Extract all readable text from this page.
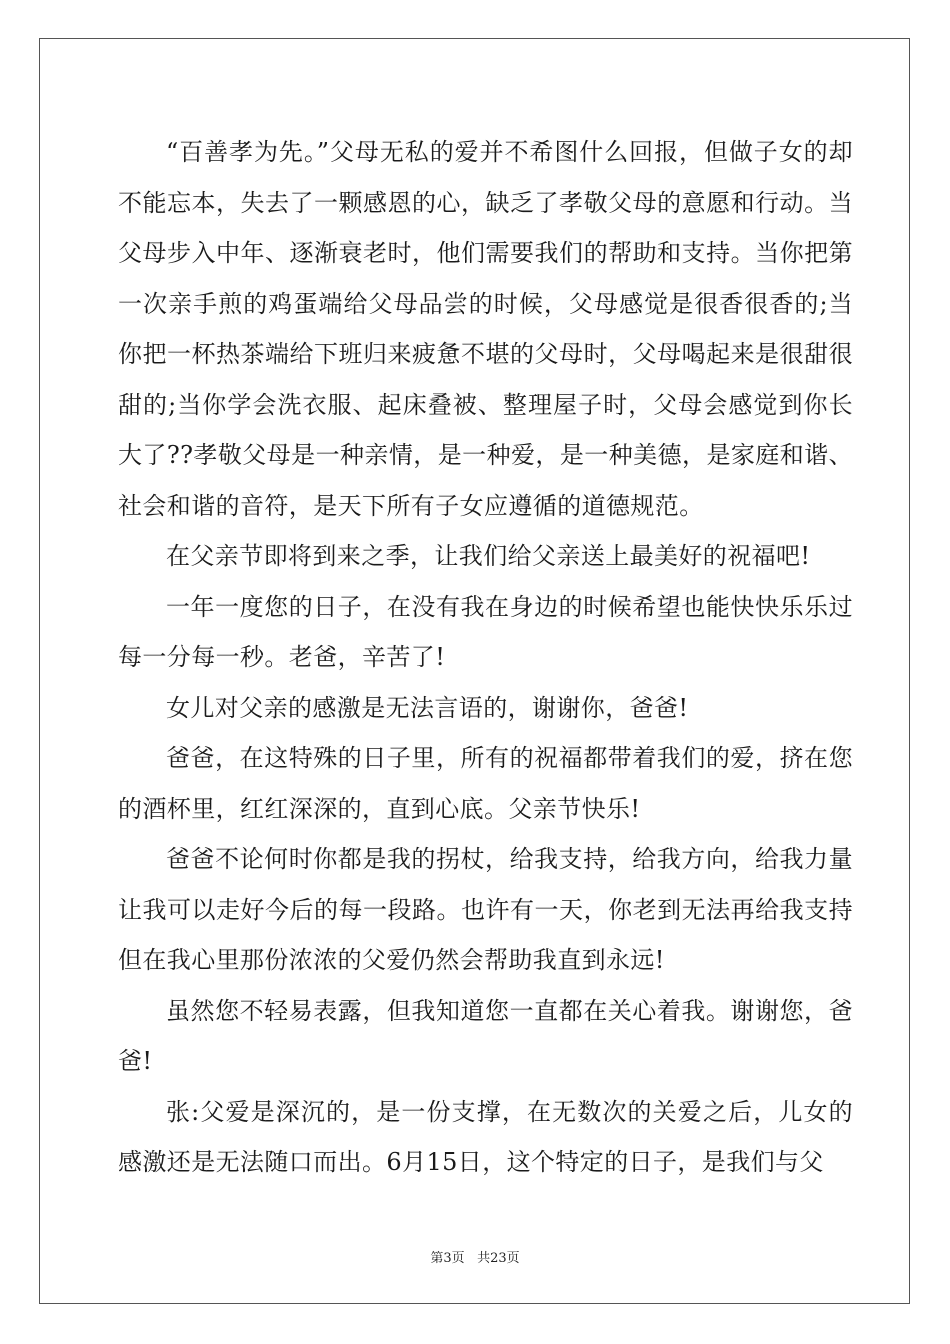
“百善孝为先。”父母无私的爱并不希图什么回报，但做子女的却不能忘本，失去了一颗感恩的心，缺乏了孝敬父母的意愿和行动。当父母步入中年、逐渐衰老时，他们需要我们的帮助和支持。当你把第一次亲手煎的鸡蛋端给父母品尝的时候，父母感觉是很香很香的;当你把一杯热茶端给下班归来疲惫不堪的父母时，父母喝起来是很甜很甜的;当你学会洗衣服、起床叠被、整理屋子时，父母会感觉到你长大了??孝敬父母是一种亲情，是一种爱，是一种美德，是家庭和谐、社会和谐的音符，是天下所有子女应遵循的道德规范。

在父亲节即将到来之季，让我们给父亲送上最美好的祝福吧!

一年一度您的日子，在没有我在身边的时候希望也能快快乐乐过每一分每一秒。老爸，辛苦了!

女儿对父亲的感激是无法言语的，谢谢你，爸爸!

爸爸，在这特殊的日子里，所有的祝福都带着我们的爱，挤在您的酒杯里，红红深深的，直到心底。父亲节快乐!

爸爸不论何时你都是我的拐杖，给我支持，给我方向，给我力量让我可以走好今后的每一段路。也许有一天，你老到无法再给我支持但在我心里那份浓浓的父爱仍然会帮助我直到永远!

虽然您不轻易表露，但我知道您一直都在关心着我。谢谢您，爸爸!

张:父爱是深沉的，是一份支撑，在无数次的关爱之后，儿女的感激还是无法随口而出。6月15日，这个特定的日子，是我们与父

第3页 共23页
